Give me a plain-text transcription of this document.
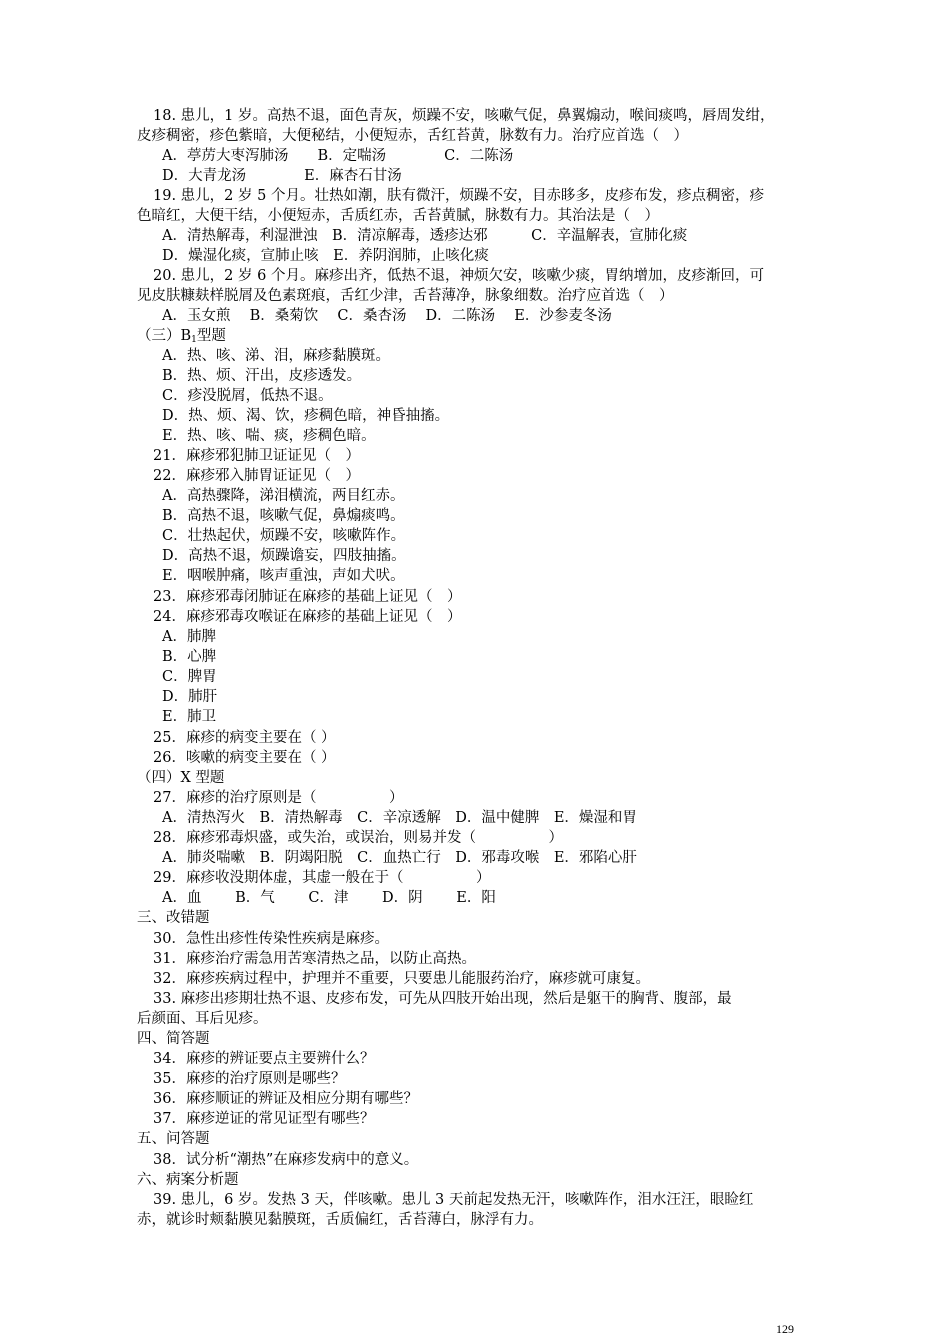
18. 患儿，1 岁。高热不退，面色青灰，烦躁不安，咳嗽气促，鼻翼煽动，喉间痰鸣，唇周发绀，
皮疹稠密，疹色紫暗，大便秘结，小便短赤，舌红苔黄，脉数有力。治疗应首选（　）
A．葶苈大枣泻肺汤　　B．定喘汤　　　　C．二陈汤
D．大青龙汤　　　　E．麻杏石甘汤
19. 患儿，2 岁 5 个月。壮热如潮，肤有微汗，烦躁不安，目赤眵多，皮疹布发，疹点稠密，疹
色暗红，大便干结，小便短赤，舌质红赤，舌苔黄腻，脉数有力。其治法是（　）
A．清热解毒，利湿泄浊　B．清凉解毒，透疹达邪　　　C．辛温解表，宣肺化痰
D．燥湿化痰，宣肺止咳　E．养阴润肺，止咳化痰
20. 患儿，2 岁 6 个月。麻疹出齐，低热不退，神烦欠安，咳嗽少痰，胃纳增加，皮疹渐回，可
见皮肤糠麸样脱屑及色素斑痕，舌红少津，舌苔薄净，脉象细数。治疗应首选（　）
A．玉女煎　 B．桑菊饮　 C．桑杏汤　 D．二陈汤　 E．沙参麦冬汤
（三）$B_1$型题
A．热、咳、涕、泪，麻疹黏膜斑。
B．热、烦、汗出，皮疹透发。
C．疹没脱屑，低热不退。
D．热、烦、渴、饮，疹稠色暗，神昏抽搐。
E．热、咳、喘、痰，疹稠色暗。
21．麻疹邪犯肺卫证证见（　）
22．麻疹邪入肺胃证证见（　）
A．高热骤降，涕泪横流，两目红赤。
B．高热不退，咳嗽气促，鼻煽痰鸣。
C．壮热起伏，烦躁不安，咳嗽阵作。
D．高热不退，烦躁谵妄，四肢抽搐。
E．咽喉肿痛，咳声重浊，声如犬吠。
23．麻疹邪毒闭肺证在麻疹的基础上证见（　）
24．麻疹邪毒攻喉证在麻疹的基础上证见（　）
A．肺脾
B．心脾
C．脾胃
D．肺肝
E．肺卫
25．麻疹的病变主要在（ ）
26．咳嗽的病变主要在（ ）
（四）X 型题
27．麻疹的治疗原则是（　　　　　）
A．清热泻火　B．清热解毒　C．辛凉透解　D．温中健脾　E．燥湿和胃
28．麻疹邪毒炽盛，或失治，或误治，则易并发（　　　　　）
A．肺炎喘嗽　B．阴竭阳脱　C．血热亡行　D．邪毒攻喉　E．邪陷心肝
29．麻疹收没期体虚，其虚一般在于（　　　　　）
A．血　　 B．气　　 C．津　　 D．阴　　 E．阳
三、改错题
30．急性出疹性传染性疾病是麻疹。
31．麻疹治疗需急用苦寒清热之品，以防止高热。
32．麻疹疾病过程中，护理并不重要，只要患儿能服药治疗，麻疹就可康复。
33. 麻疹出疹期壮热不退、皮疹布发，可先从四肢开始出现，然后是躯干的胸背、腹部，最
后颜面、耳后见疹。
四、简答题
34．麻疹的辨证要点主要辨什么？
35．麻疹的治疗原则是哪些？
36．麻疹顺证的辨证及相应分期有哪些？
37．麻疹逆证的常见证型有哪些？
五、问答题
38．试分析“潮热”在麻疹发病中的意义。
六、病案分析题
39. 患儿，6 岁。发热 3 天，伴咳嗽。患儿 3 天前起发热无汗，咳嗽阵作，泪水汪汪，眼睑红
赤，就诊时颊黏膜见黏膜斑，舌质偏红，舌苔薄白，脉浮有力。
129
